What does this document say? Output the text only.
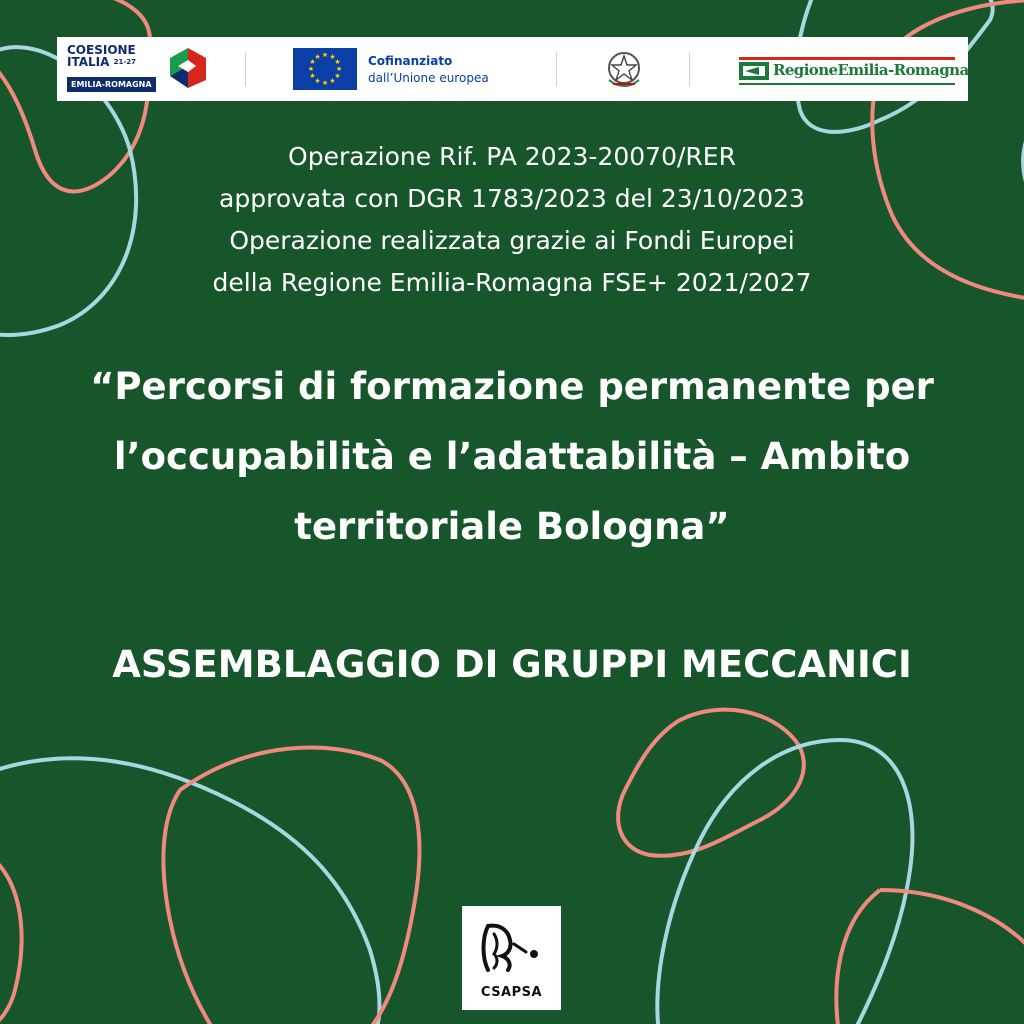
COESIONE
ITALIA $^{21-27}$
EMILIA-ROMAGNA
★ ★
★
★
★
★
★
★
★
★
★
★	Cofinanziato
dall’Unione europea	RegioneEmilia-Romagna
Operazione Rif. PA 2023-20070/RER
approvata con DGR 1783/2023 del 23/10/2023
Operazione realizzata grazie ai Fondi Europei
della Regione Emilia-Romagna FSE+ 2021/2027
“Percorsi di formazione permanente per
l’occupabilità e l’adattabilità – Ambito
territoriale Bologna”
ASSEMBLAGGIO DI GRUPPI MECCANICI
CSAPSA
